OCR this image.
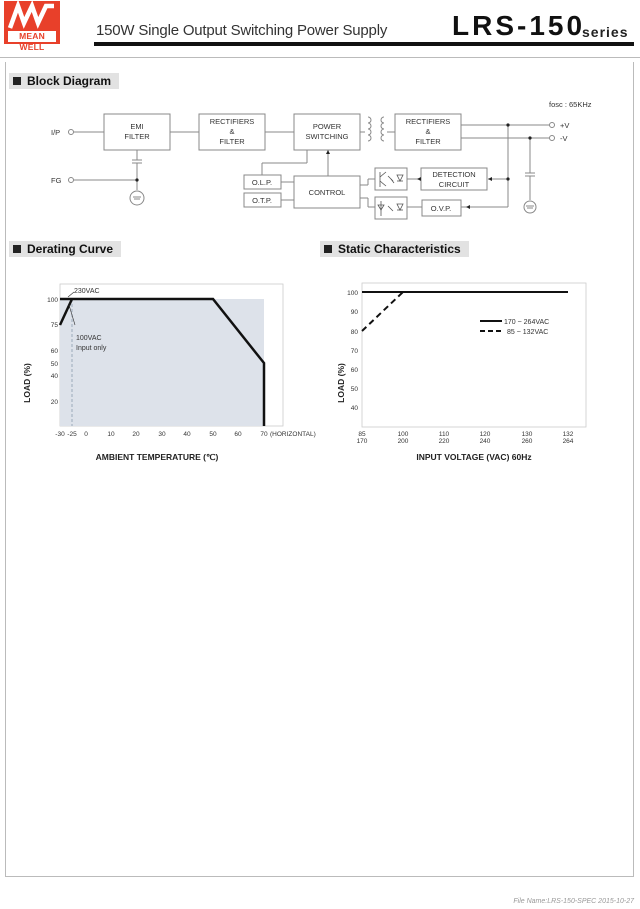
MEAN WELL
150W Single Output Switching Power Supply LRS-150
series
Block Diagram
EMI
FILTER
RECTIFIERS
&
FILTER
POWER
SWITCHING
RECTIFIERS
&
FILTER
O.L.P.
O.T.P.
CONTROL
DETECTION
CIRCUIT
O.V.P.
I/P
FG
+V
-V
fosc : 65KHz
Derating Curve
230VAC
100VAC
Input only
100
75
60
50
40
20
-30 -25 0	10	20	30	40	50	60	70 (HORIZONTAL)
AMBIENT TEMPERATURE (℃)
LOAD (%)
Static Characteristics
170 ~ 264VAC
85 ~ 132VAC
100
90
80
70
60
50
40
85	100	110	120	130	132
170	200	220	240	260	264
INPUT VOLTAGE (VAC) 60Hz
LOAD (%)
File Name:LRS-150-SPEC 2015-10-27
